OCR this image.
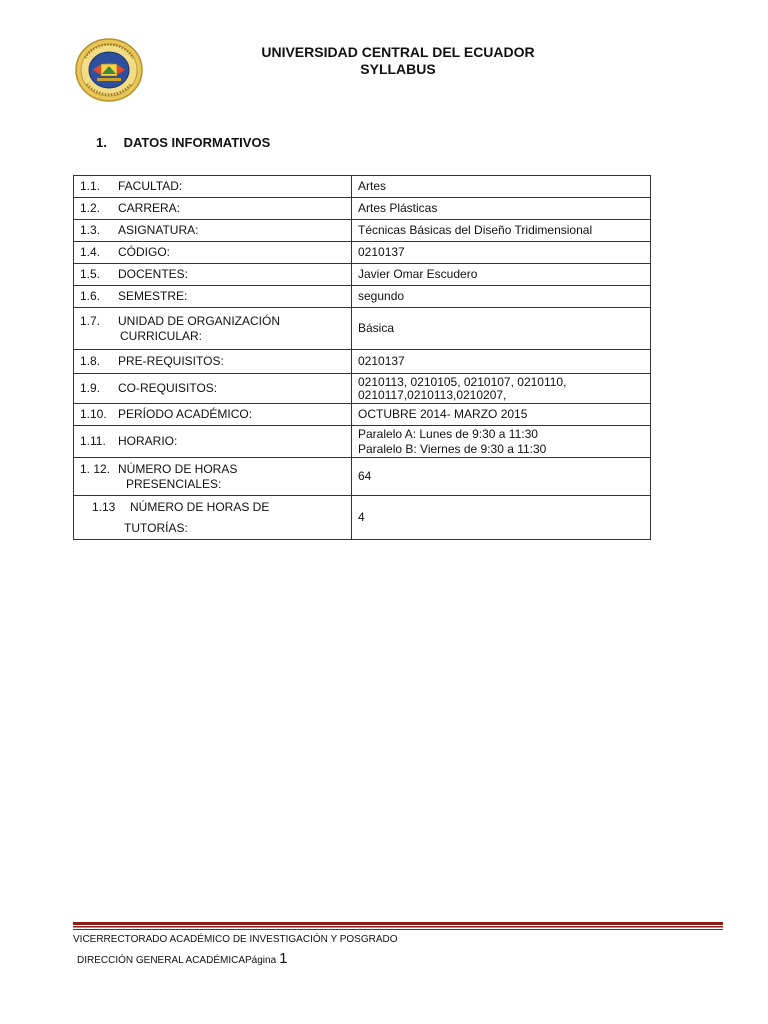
UNIVERSIDAD CENTRAL DEL ECUADOR
SYLLABUS
1. DATOS INFORMATIVOS
1.1. FACULTAD:	Artes
1.2. CARRERA:	Artes Plásticas
1.3. ASIGNATURA:	Técnicas Básicas del Diseño Tridimensional
1.4. CÓDIGO:	0210137
1.5. DOCENTES:	Javier Omar Escudero
1.6. SEMESTRE:	segundo
1.7. UNIDAD DE ORGANIZACIÓN
CURRICULAR:	Básica
1.8. PRE-REQUISITOS:	0210137
1.9. CO-REQUISITOS:	0210113, 0210105, 0210107, 0210110,
0210117,0210113,0210207,

1.10. PERÍODO ACADÉMICO:	OCTUBRE 2014- MARZO 2015
1.11. HORARIO:	Paralelo A: Lunes de 9:30 a 11:30
Paralelo B: Viernes de 9:30 a 11:30

1. 12. NÚMERO DE HORAS
PRESENCIALES:	64
1.13 NÚMERO DE HORAS DE
TUTORÍAS:	4
VICERRECTORADO ACADÉMICO DE INVESTIGACIÓN Y POSGRADO
DIRECCIÓN GENERAL ACADÉMICAPágina 1
